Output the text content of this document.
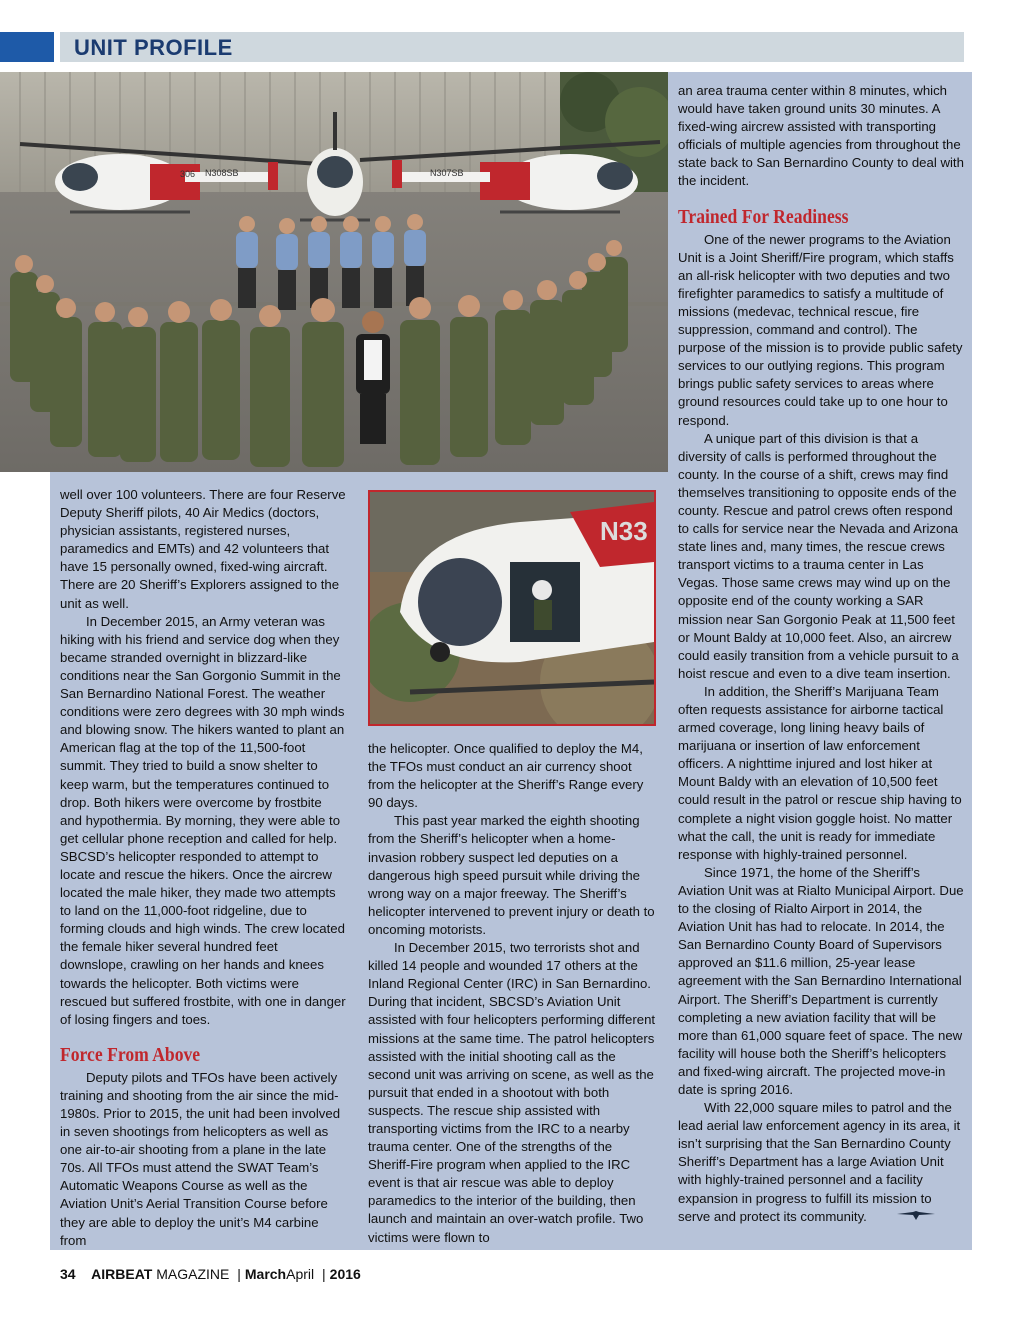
UNIT PROFILE
306 N308SB	N307SB
N33

well over 100 volunteers. There are four Reserve Deputy Sheriff pilots, 40 Air Medics (doctors, physician assistants, registered nurses, paramedics and EMTs) and 42 volunteers that have 15 personally owned, fixed-wing aircraft. There are 20 Sheriff’s Explorers assigned to the unit as well.

In December 2015, an Army veteran was hiking with his friend and service dog when they became stranded overnight in blizzard-like conditions near the San Gorgonio Summit in the San Bernardino National Forest. The weather conditions were zero degrees with 30 mph winds and blowing snow. The hikers wanted to plant an American flag at the top of the 11,500-foot summit. They tried to build a snow shelter to keep warm, but the temperatures continued to drop. Both hikers were overcome by frostbite and hypothermia. By morning, they were able to get cellular phone reception and called for help. SBCSD’s helicopter responded to attempt to locate and rescue the hikers. Once the aircrew located the male hiker, they made two attempts to land on the 11,000-foot ridgeline, due to forming clouds and high winds. The crew located the female hiker several hundred feet downslope, crawling on her hands and knees towards the helicopter. Both victims were rescued but suffered frostbite, with one in danger of losing fingers and toes.

Force From Above

Deputy pilots and TFOs have been actively training and shooting from the air since the mid-1980s. Prior to 2015, the unit had been involved in seven shootings from helicopters as well as one air-to-air shooting from a plane in the late 70s. All TFOs must attend the SWAT Team’s Automatic Weapons Course as well as the Aviation Unit’s Aerial Transition Course before they are able to deploy the unit’s M4 carbine from

the helicopter. Once qualified to deploy the M4, the TFOs must conduct an air currency shoot from the helicopter at the Sheriff’s Range every 90 days.

This past year marked the eighth shooting from the Sheriff’s helicopter when a home-invasion robbery suspect led deputies on a dangerous high speed pursuit while driving the wrong way on a major freeway. The Sheriff’s helicopter intervened to prevent injury or death to oncoming motorists.

In December 2015, two terrorists shot and killed 14 people and wounded 17 others at the Inland Regional Center (IRC) in San Bernardino. During that incident, SBCSD’s Aviation Unit assisted with four helicopters performing different missions at the same time. The patrol helicopters assisted with the initial shooting call as the second unit was arriving on scene, as well as the pursuit that ended in a shootout with both suspects. The rescue ship assisted with transporting victims from the IRC to a nearby trauma center. One of the strengths of the Sheriff-Fire program when applied to the IRC event is that air rescue was able to deploy paramedics to the interior of the building, then launch and maintain an over-watch profile. Two victims were flown to

an area trauma center within 8 minutes, which would have taken ground units 30 minutes. A fixed-wing aircrew assisted with transporting officials of multiple agencies from throughout the state back to San Bernardino County to deal with the incident.

Trained For Readiness

One of the newer programs to the Aviation Unit is a Joint Sheriff/Fire program, which staffs an all-risk helicopter with two deputies and two firefighter paramedics to satisfy a multitude of missions (medevac, technical rescue, fire suppression, command and control). The purpose of the mission is to provide public safety services to our outlying regions. This program brings public safety services to areas where ground resources could take up to one hour to respond.

A unique part of this division is that a diversity of calls is performed throughout the county. In the course of a shift, crews may find themselves transitioning to opposite ends of the county. Rescue and patrol crews often respond to calls for service near the Nevada and Arizona state lines and, many times, the rescue crews transport victims to a trauma center in Las Vegas. Those same crews may wind up on the opposite end of the county working a SAR mission near San Gorgonio Peak at 11,500 feet or Mount Baldy at 10,000 feet. Also, an aircrew could easily transition from a vehicle pursuit to a hoist rescue and even to a dive team insertion.

In addition, the Sheriff’s Marijuana Team often requests assistance for airborne tactical armed coverage, long lining heavy bails of marijuana or insertion of law enforcement officers. A nighttime injured and lost hiker at Mount Baldy with an elevation of 10,500 feet could result in the patrol or rescue ship having to complete a night vision goggle hoist. No matter what the call, the unit is ready for immediate response with highly-trained personnel.

Since 1971, the home of the Sheriff’s Aviation Unit was at Rialto Municipal Airport. Due to the closing of Rialto Airport in 2014, the Aviation Unit has had to relocate. In 2014, the San Bernardino County Board of Supervisors approved an $11.6 million, 25-year lease agreement with the San Bernardino International Airport. The Sheriff’s Department is currently completing a new aviation facility that will be more than 61,000 square feet of space. The new facility will house both the Sheriff’s helicopters and fixed-wing aircraft. The projected move-in date is spring 2016.

With 22,000 square miles to patrol and the lead aerial law enforcement agency in its area, it isn’t surprising that the San Bernardino County Sheriff’s Department has a large Aviation Unit with highly-trained personnel and a facility expansion in progress to fulfill its mission to serve and protect its community.

34 AIRBEAT MAGAZINE | MarchApril | 2016
